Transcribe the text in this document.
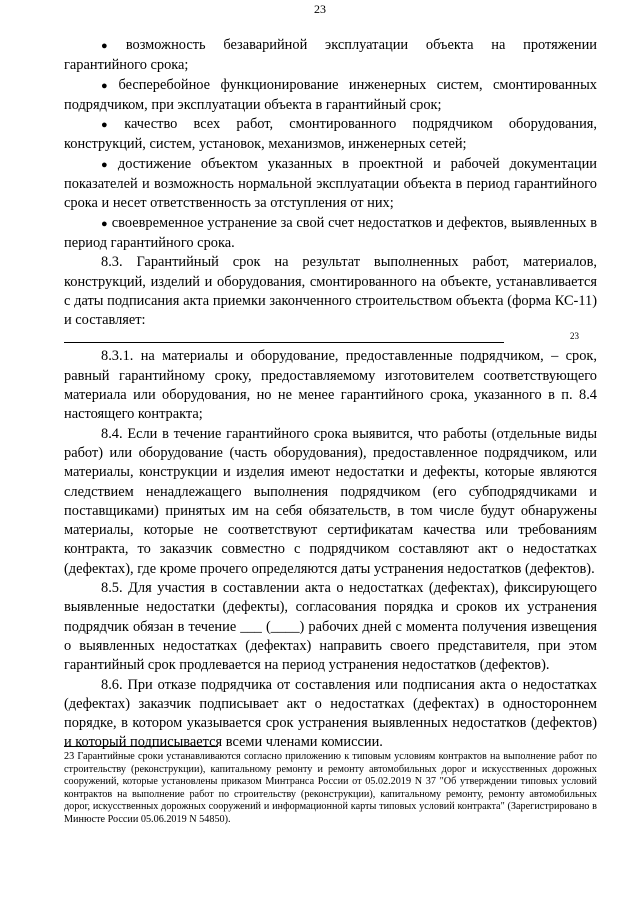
23

● возможность безаварийной эксплуатации объекта на протяжении гарантийного срока;

● бесперебойное функционирование инженерных систем, смонтированных подрядчиком, при эксплуатации объекта в гарантийный срок;

● качество всех работ, смонтированного подрядчиком оборудования, конструкций, систем, установок, механизмов, инженерных сетей;

● достижение объектом указанных в проектной и рабочей документации показателей и возможность нормальной эксплуатации объекта в период гарантийного срока и несет ответственность за отступления от них;

● своевременное устранение за свой счет недостатков и дефектов, выявленных в период гарантийного срока.

8.3. Гарантийный срок на результат выполненных работ, материалов, конструкций, изделий и оборудования, смонтированного на объекте, устанавливается с даты подписания акта приемки законченного строительством объекта (форма КС-11) и составляет:

23

8.3.1. на материалы и оборудование, предоставленные подрядчиком, – срок, равный гарантийному сроку, предоставляемому изготовителем соответствующего материала или оборудования, но не менее гарантийного срока, указанного в п. 8.4 настоящего контракта;

8.4. Если в течение гарантийного срока выявится, что работы (отдельные виды работ) или оборудование (часть оборудования), предоставленное подрядчиком, или материалы, конструкции и изделия имеют недостатки и дефекты, которые являются следствием ненадлежащего выполнения подрядчиком (его субподрядчиками и поставщиками) принятых им на себя обязательств, в том числе будут обнаружены материалы, которые не соответствуют сертификатам качества или требованиям контракта, то заказчик совместно с подрядчиком составляют акт о недостатках (дефектах), где кроме прочего определяются даты устранения недостатков (дефектов).

8.5. Для участия в составлении акта о недостатках (дефектах), фиксирующего выявленные недостатки (дефекты), согласования порядка и сроков их устранения подрядчик обязан в течение ___ (____) рабочих дней с момента получения извещения о выявленных недостатках (дефектах) направить своего представителя, при этом гарантийный срок продлевается на период устранения недостатков (дефектов).

8.6. При отказе подрядчика от составления или подписания акта о недостатках (дефектах) заказчик подписывает акт о недостатках (дефектах) в одностороннем порядке, в котором указывается срок устранения выявленных недостатков (дефектов) и который подписывается всеми членами комиссии.

23 Гарантийные сроки устанавливаются согласно приложению к типовым условиям контрактов на выполнение работ по строительству (реконструкции), капитальному ремонту и ремонту автомобильных дорог и искусственных дорожных сооружений, которые установлены приказом Минтранса России от 05.02.2019 N 37 "Об утверждении типовых условий контрактов на выполнение работ по строительству (реконструкции), капитальному ремонту, ремонту автомобильных дорог, искусственных дорожных сооружений и информационной карты типовых условий контракта" (Зарегистрировано в Минюсте России 05.06.2019 N 54850).
